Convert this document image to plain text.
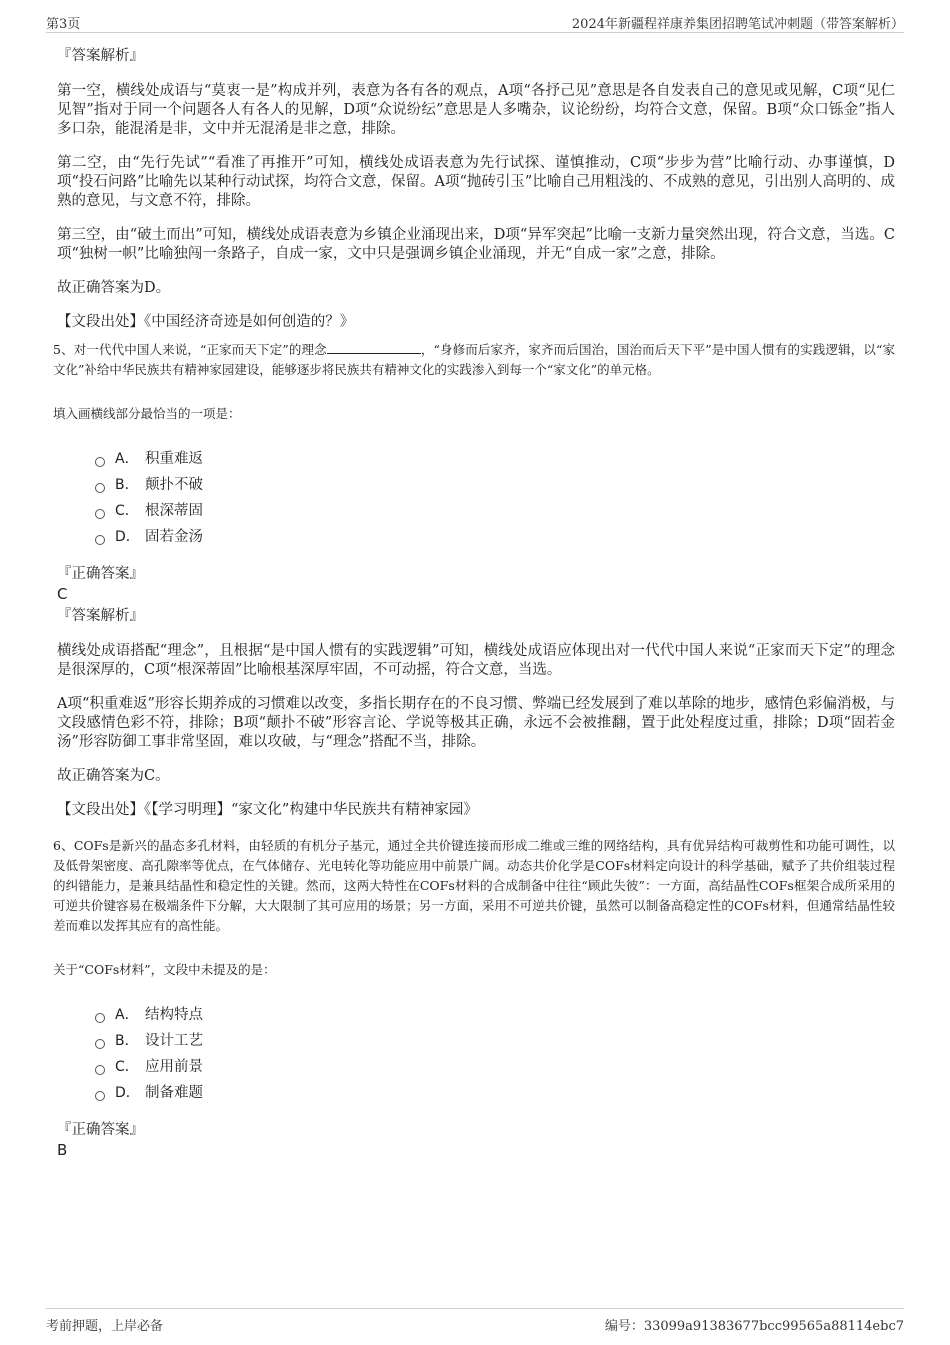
第3页	2024年新疆程祥康养集团招聘笔试冲刺题（带答案解析）
『答案解析』

第一空，横线处成语与“莫衷一是”构成并列，表意为各有各的观点，A项“各抒己见”意思是各自发表自己的意见或见解，C项“见仁见智”指对于同一个问题各人有各人的见解，D项“众说纷纭”意思是人多嘴杂，议论纷纷，均符合文意，保留。B项“众口铄金”指人多口杂，能混淆是非，文中并无混淆是非之意，排除。

第二空，由“先行先试”“看准了再推开”可知，横线处成语表意为先行试探、谨慎推动，C项“步步为营”比喻行动、办事谨慎，D项“投石问路”比喻先以某种行动试探，均符合文意，保留。A项“抛砖引玉”比喻自己用粗浅的、不成熟的意见，引出别人高明的、成熟的意见，与文意不符，排除。

第三空，由“破土而出”可知，横线处成语表意为乡镇企业涌现出来，D项“异军突起”比喻一支新力量突然出现，符合文意，当选。C项“独树一帜”比喻独闯一条路子，自成一家，文中只是强调乡镇企业涌现，并无“自成一家”之意，排除。

故正确答案为D。

【文段出处】《中国经济奇迹是如何创造的？》
5、对一代代中国人来说，“正家而天下定”的理念	，“身修而后家齐，家齐而后国治，国治而后天下平”是中国人惯有的实践逻辑，以“家文化”补给中华民族共有精神家园建设，能够逐步将民族共有精神文化的实践渗入到每一个“家文化”的单元格。
填入画横线部分最恰当的一项是：
A． 积重难返
B． 颠扑不破
C． 根深蒂固
D． 固若金汤
『正确答案』
C
『答案解析』

横线处成语搭配“理念”，且根据“是中国人惯有的实践逻辑”可知，横线处成语应体现出对一代代中国人来说“正家而天下定”的理念是很深厚的，C项“根深蒂固”比喻根基深厚牢固，不可动摇，符合文意，当选。

A项“积重难返”形容长期养成的习惯难以改变，多指长期存在的不良习惯、弊端已经发展到了难以革除的地步，感情色彩偏消极，与文段感情色彩不符，排除；B项“颠扑不破”形容言论、学说等极其正确，永远不会被推翻，置于此处程度过重，排除；D项“固若金汤”形容防御工事非常坚固，难以攻破，与“理念”搭配不当，排除。

故正确答案为C。

【文段出处】《【学习明理】“家文化”构建中华民族共有精神家园》
6、COFs是新兴的晶态多孔材料，由轻质的有机分子基元，通过全共价键连接而形成二维或三维的网络结构，具有优异结构可裁剪性和功能可调性，以及低骨架密度、高孔隙率等优点，在气体储存、光电转化等功能应用中前景广阔。动态共价化学是COFs材料定向设计的科学基础，赋予了共价组装过程的纠错能力，是兼具结晶性和稳定性的关键。然而，这两大特性在COFs材料的合成制备中往往“顾此失彼”：一方面，高结晶性COFs框架合成所采用的可逆共价键容易在极端条件下分解，大大限制了其可应用的场景；另一方面，采用不可逆共价键，虽然可以制备高稳定性的COFs材料，但通常结晶性较差而难以发挥其应有的高性能。
关于“COFs材料”，文段中未提及的是：
A． 结构特点
B． 设计工艺
C． 应用前景
D． 制备难题
『正确答案』
B
考前押题，上岸必备	编号：33099a91383677bcc99565a88114ebc7
